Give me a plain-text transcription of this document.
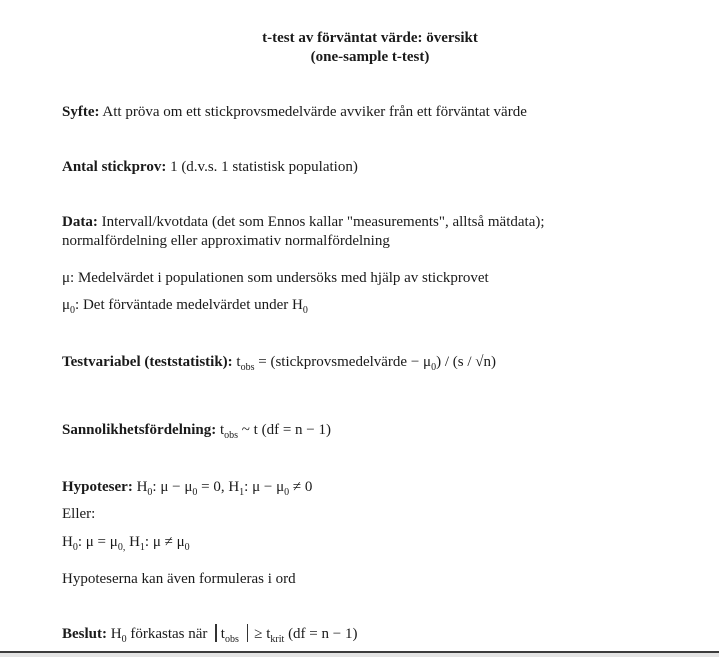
t-test av förväntat värde: översikt
(one-sample t-test)
Syfte: Att pröva om ett stickprovsmedelvärde avviker från ett förväntat värde
Antal stickprov: 1 (d.v.s. 1 statistisk population)
Data: Intervall/kvotdata (det som Ennos kallar "measurements", alltså mätdata);
normalfördelning eller approximativ normalfördelning
μ: Medelvärdet i populationen som undersöks med hjälp av stickprovet
$\mu_0$: Det förväntade medelvärdet under $H_0$
Testvariabel (teststatistik): $t_{obs}$ = (stickprovsmedelvärde − $\mu_0) / (s / √n)$
Sannolikhetsfördelning: $t_{obs}$ ~ t (df = n − 1)
Hypoteser: $H_0$: $\mu - \mu_0 = 0$, $H_1$: $\mu - \mu_0 \ne 0$
Eller:
$H_0$: $\mu = \mu_{0,}$ $H_1$: $\mu \ne \mu_0$
Hypoteserna kan även formuleras i ord
Beslut: $H_0$ förkastas när $t_{obs} \ge t_{krit}$ (df = n − 1)
